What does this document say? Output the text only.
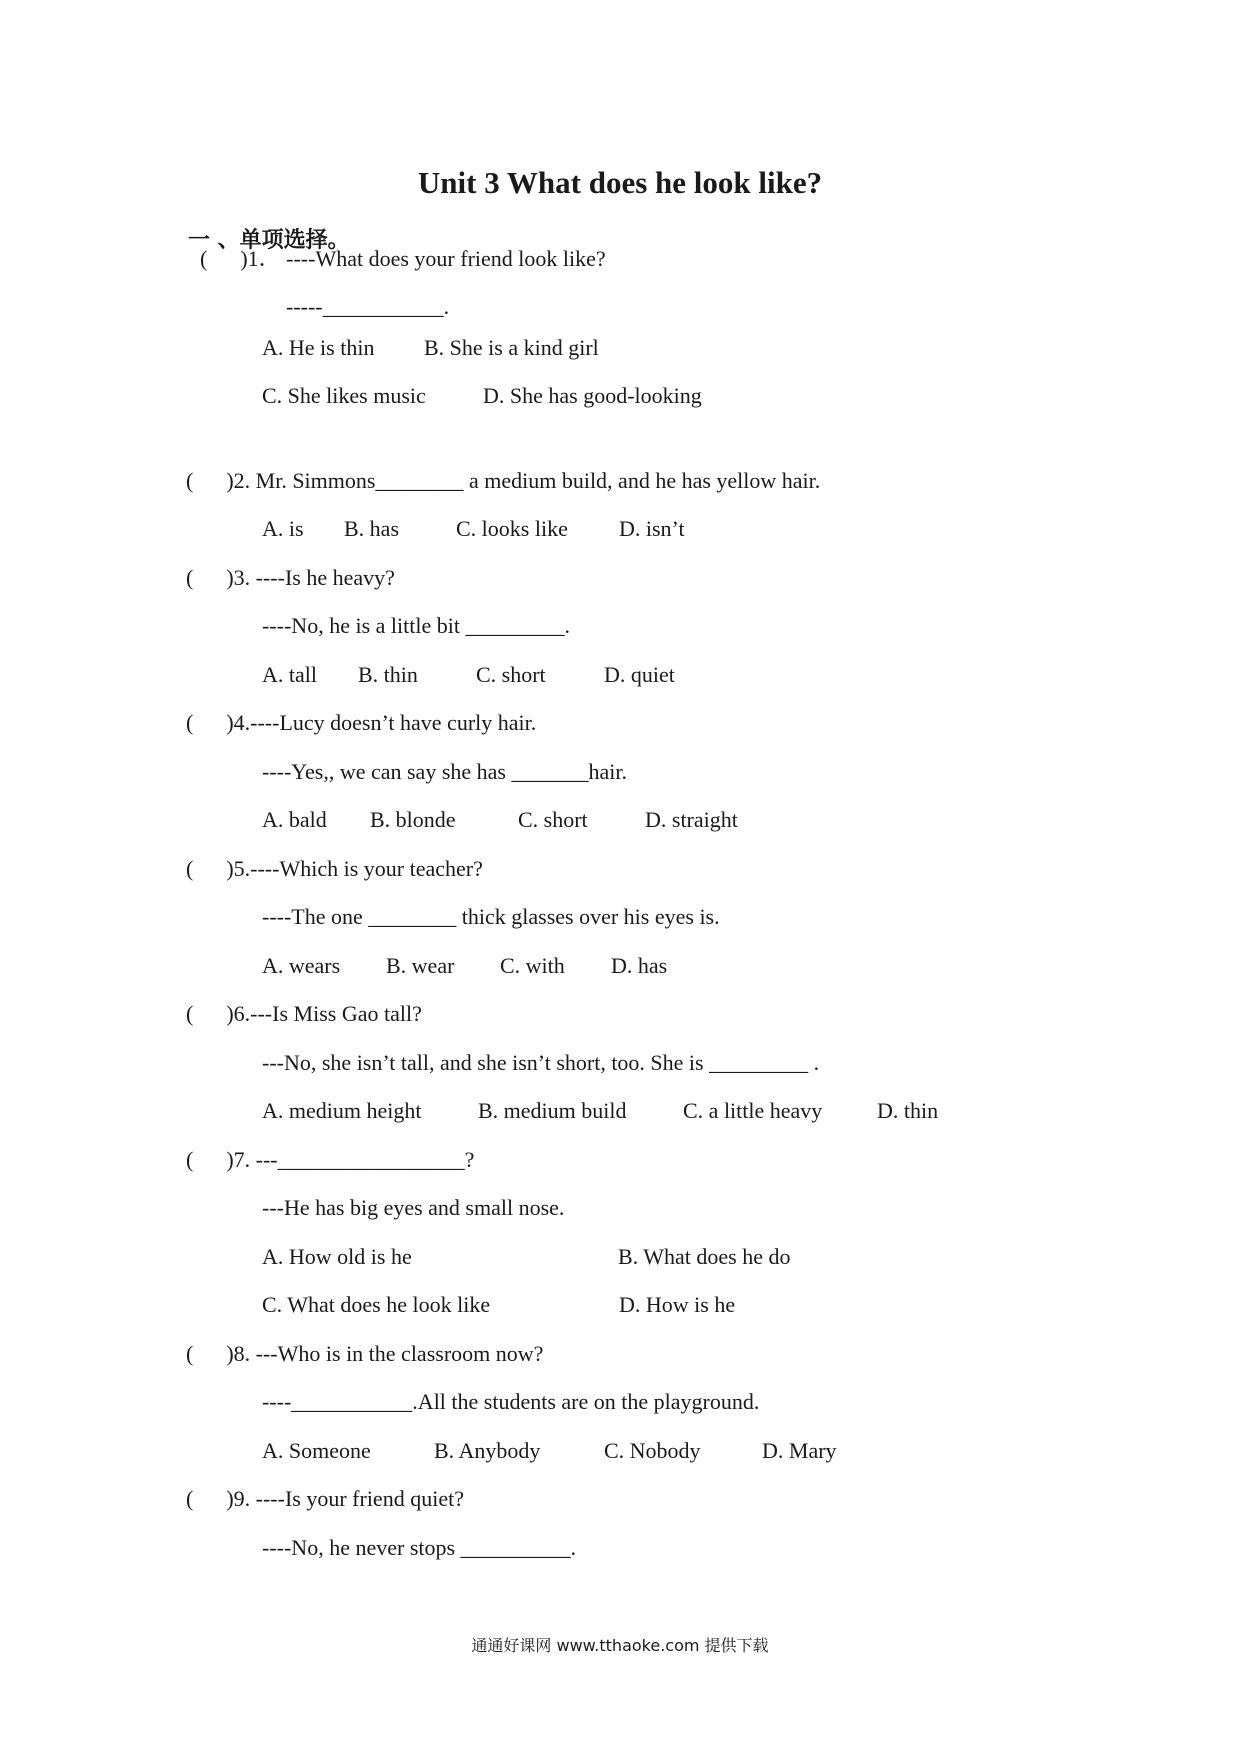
Unit 3 What does he look like?
一 、单项选择。
(      )1． ----What does your friend look like?
-----___________.
A. He is thin B. She is a kind girl
C. She likes music	D. She has good-looking
(      )2. Mr. Simmons________ a medium build, and he has yellow hair.
A. is B. has	C. looks like D. isn’t
(      )3. ----Is he heavy?
----No, he is a little bit _________.
A. tall B. thin	C. short	D. quiet
(      )4.----Lucy doesn’t have curly hair.
----Yes,, we can say she has _______hair.
A. bald B. blonde	C. short	D. straight
(      )5.----Which is your teacher?
----The one ________ thick glasses over his eyes is.
A. wears B. wear C. with D. has
(      )6.---Is Miss Gao tall?
---No, she isn’t tall, and she isn’t short, too. She is _________ .
A. medium height	B. medium build	C. a little heavy D. thin
(      )7. ---_________________?
---He has big eyes and small nose.
A. How old is he	B. What does he do
C. What does he look like	D. How is he
(      )8. ---Who is in the classroom now?
----___________.All the students are on the playground.
A. Someone	B. Anybody	C. Nobody	D. Mary
(      )9. ----Is your friend quiet?
----No, he never stops __________.
通通好课网 www.tthaoke.com 提供下载
